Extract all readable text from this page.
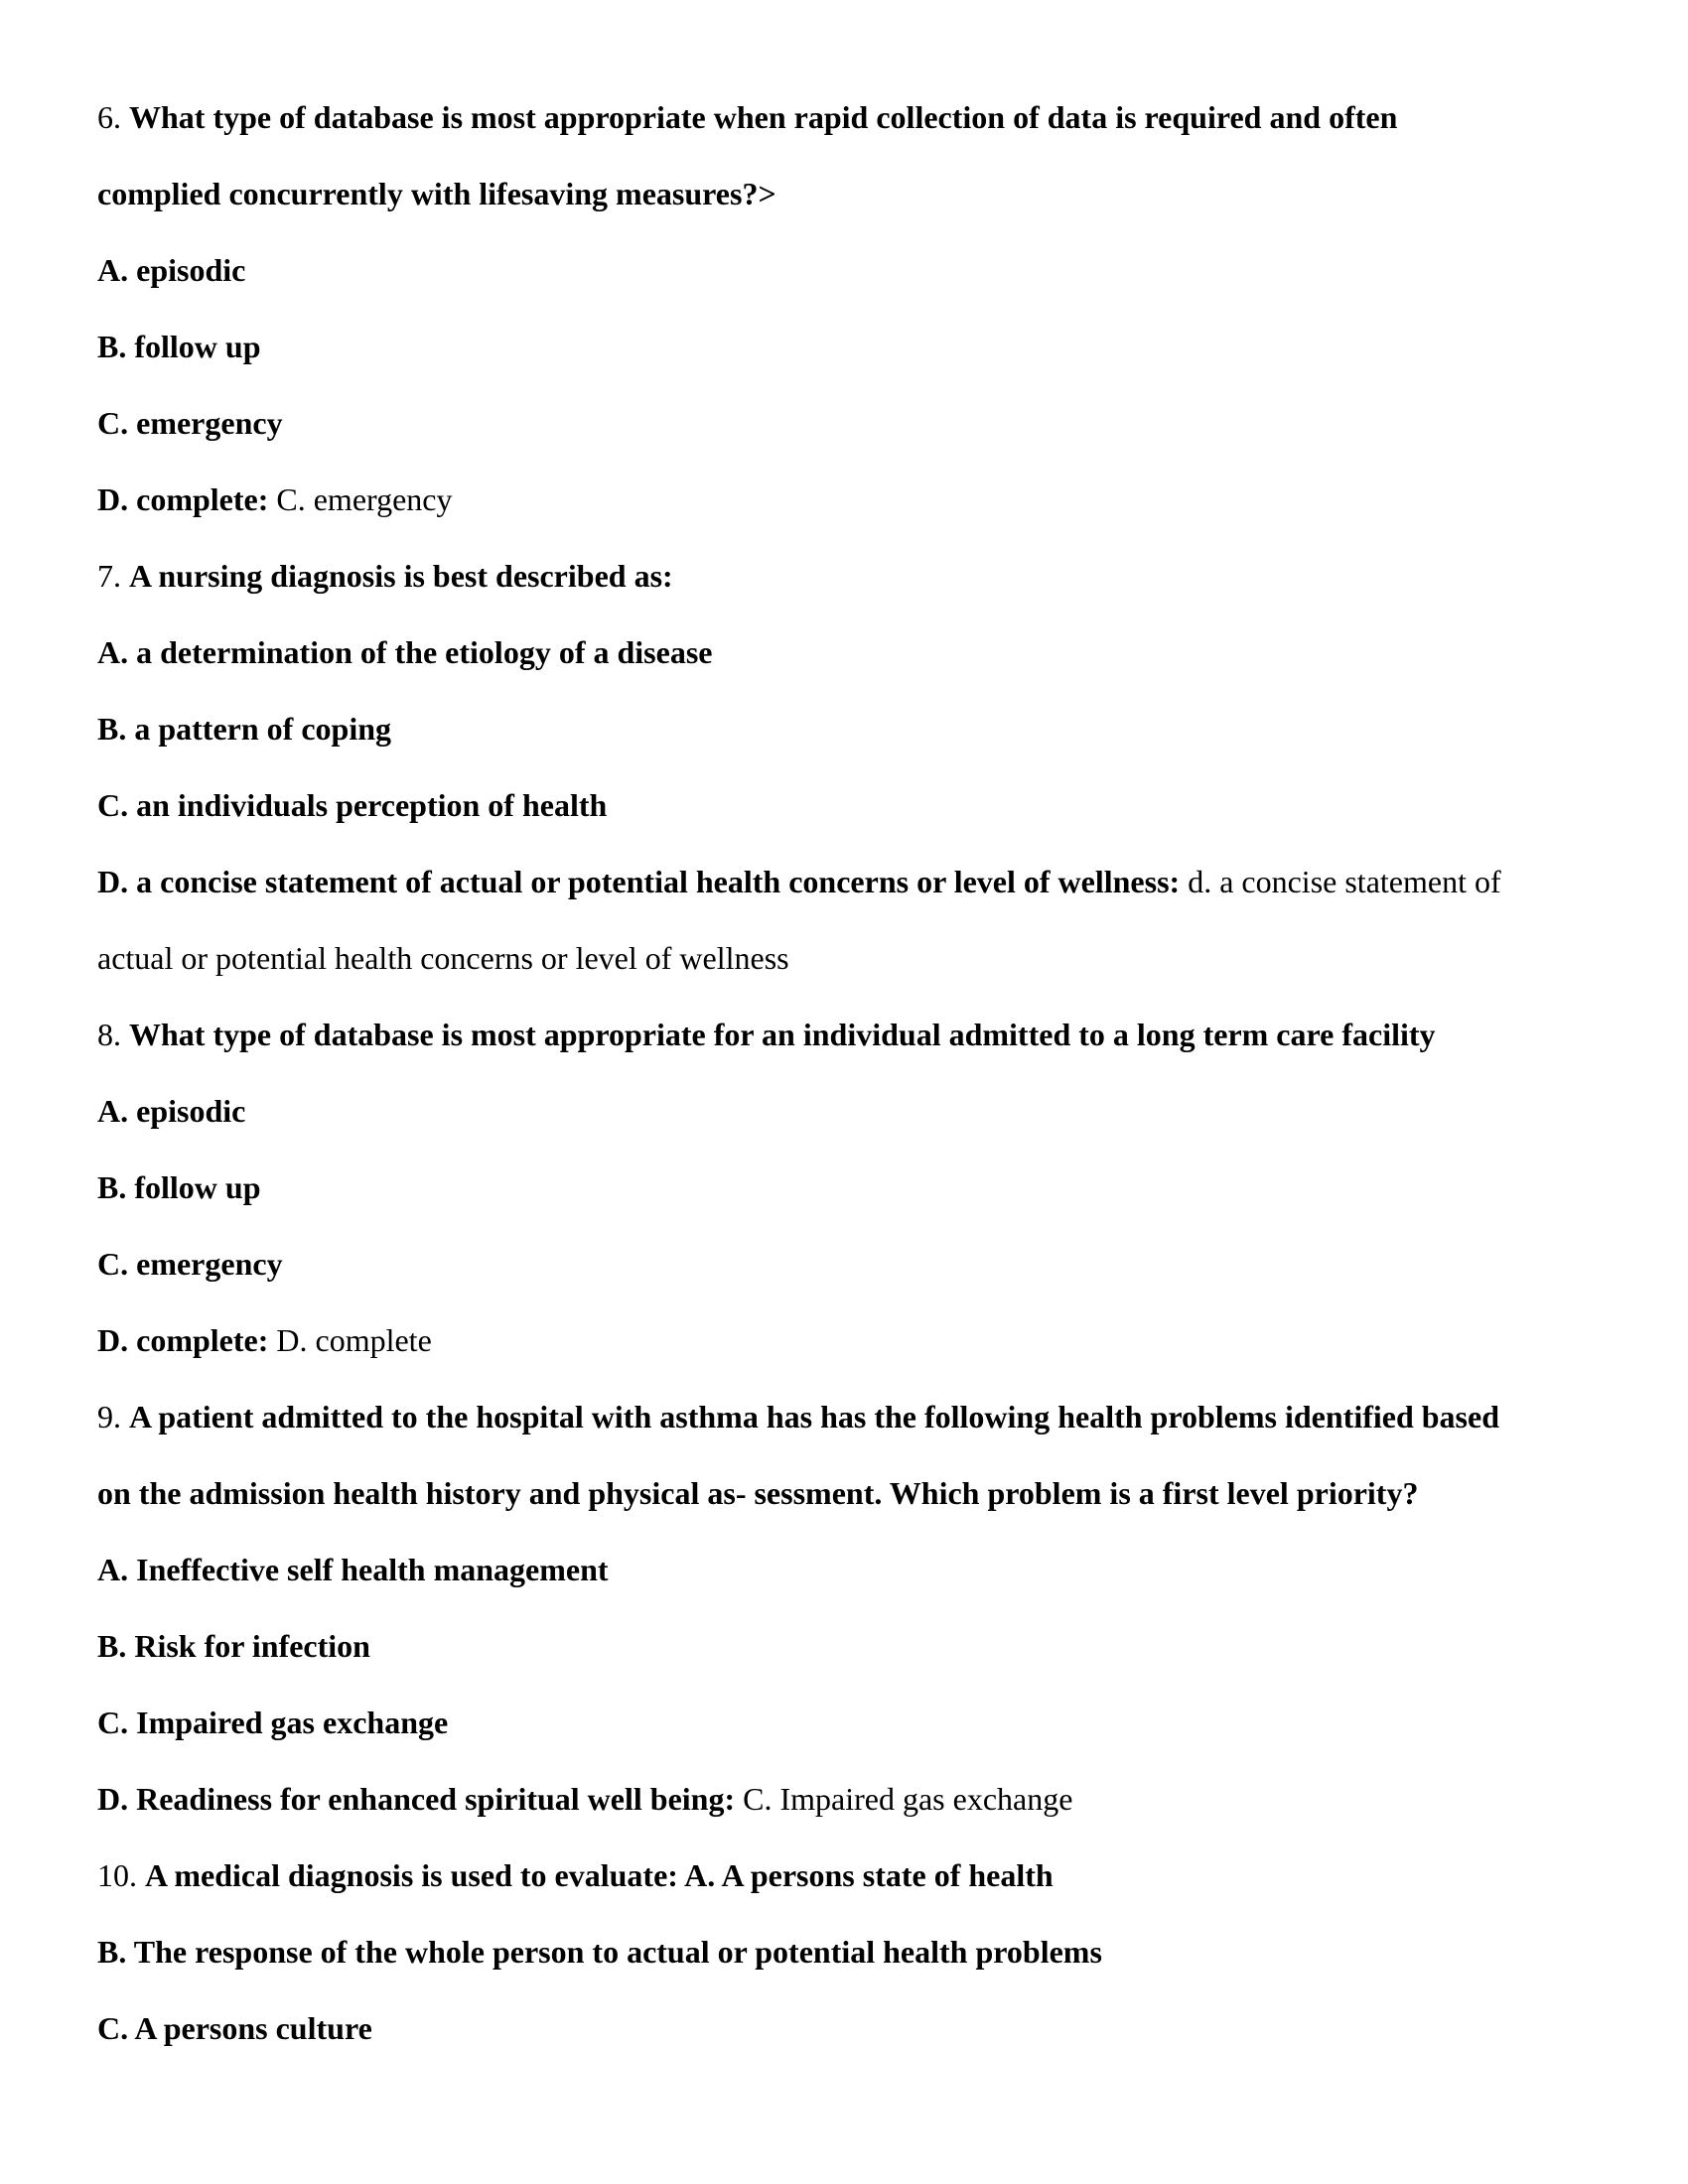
6. What type of database is most appropriate when rapid collection of data is required and often
complied concurrently with lifesaving measures?>
A. episodic
B. follow up
C. emergency
D. complete: C. emergency
7. A nursing diagnosis is best described as:
A. a determination of the etiology of a disease
B. a pattern of coping
C. an individuals perception of health
D. a concise statement of actual or potential health concerns or level of wellness: d. a concise statement of
actual or potential health concerns or level of wellness
8. What type of database is most appropriate for an individual admitted to a long term care facility
A. episodic
B. follow up
C. emergency
D. complete: D. complete
9. A patient admitted to the hospital with asthma has has the following health problems identified based
on the admission health history and physical as- sessment. Which problem is a first level priority?
A. Ineffective self health management
B. Risk for infection
C. Impaired gas exchange
D. Readiness for enhanced spiritual well being: C. Impaired gas exchange
10. A medical diagnosis is used to evaluate: A. A persons state of health
B. The response of the whole person to actual or potential health problems
C. A persons culture
